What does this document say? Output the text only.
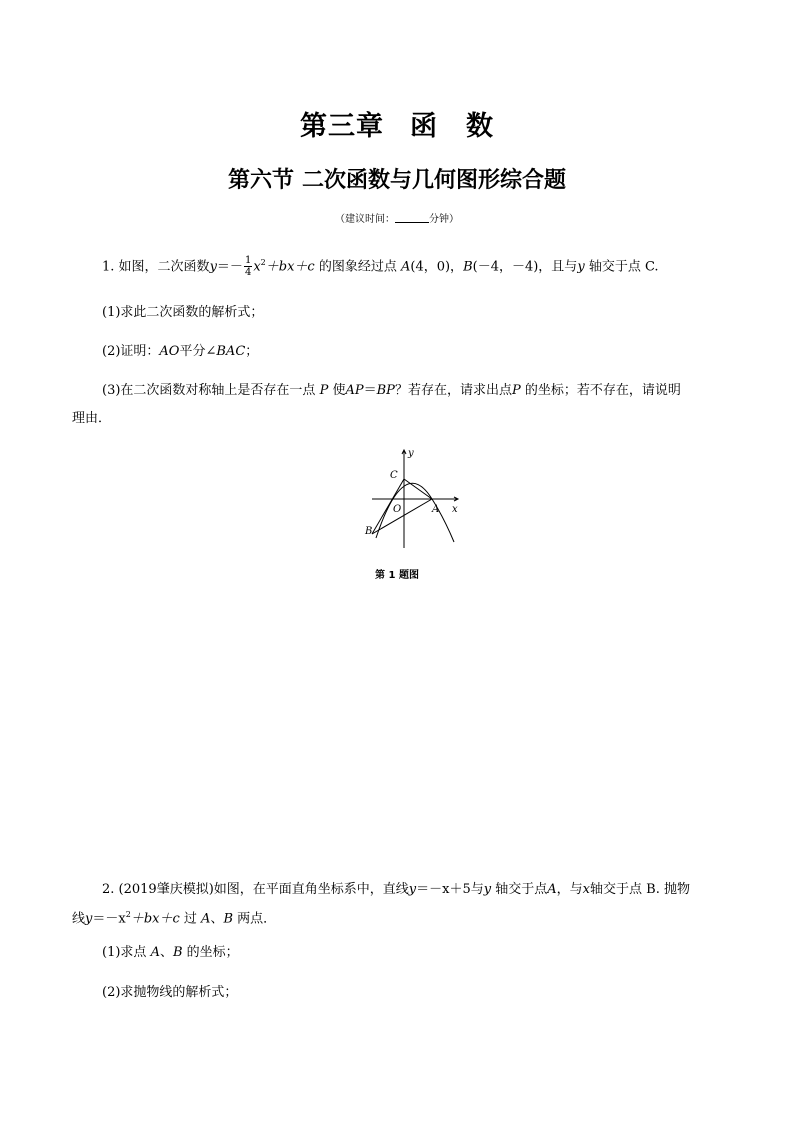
第三章 函　数
第六节 二次函数与几何图形综合题
（建议时间：	分钟）
1. 如图，二次函数$y=- \frac{1}{4} x^2+bx+c$ 的图象经过点 A(4，0)，B(－4，－4)，且与y 轴交于点 C.
(1)求此二次函数的解析式；
(2)证明：AO平分∠BAC；
(3)在二次函数对称轴上是否存在一点 P 使AP＝BP？若存在，请求出点P 的坐标；若不存在，请说明
理由．
y
x
C
O	A
B
第 1 题图
2. (2019肇庆模拟)如图，在平面直角坐标系中，直线y＝－x＋5与y 轴交于点A，与x轴交于点 B. 抛物
线$y=-x^2+bx+c$ 过 A、B 两点．
(1)求点 A、B 的坐标；
(2)求抛物线的解析式；
